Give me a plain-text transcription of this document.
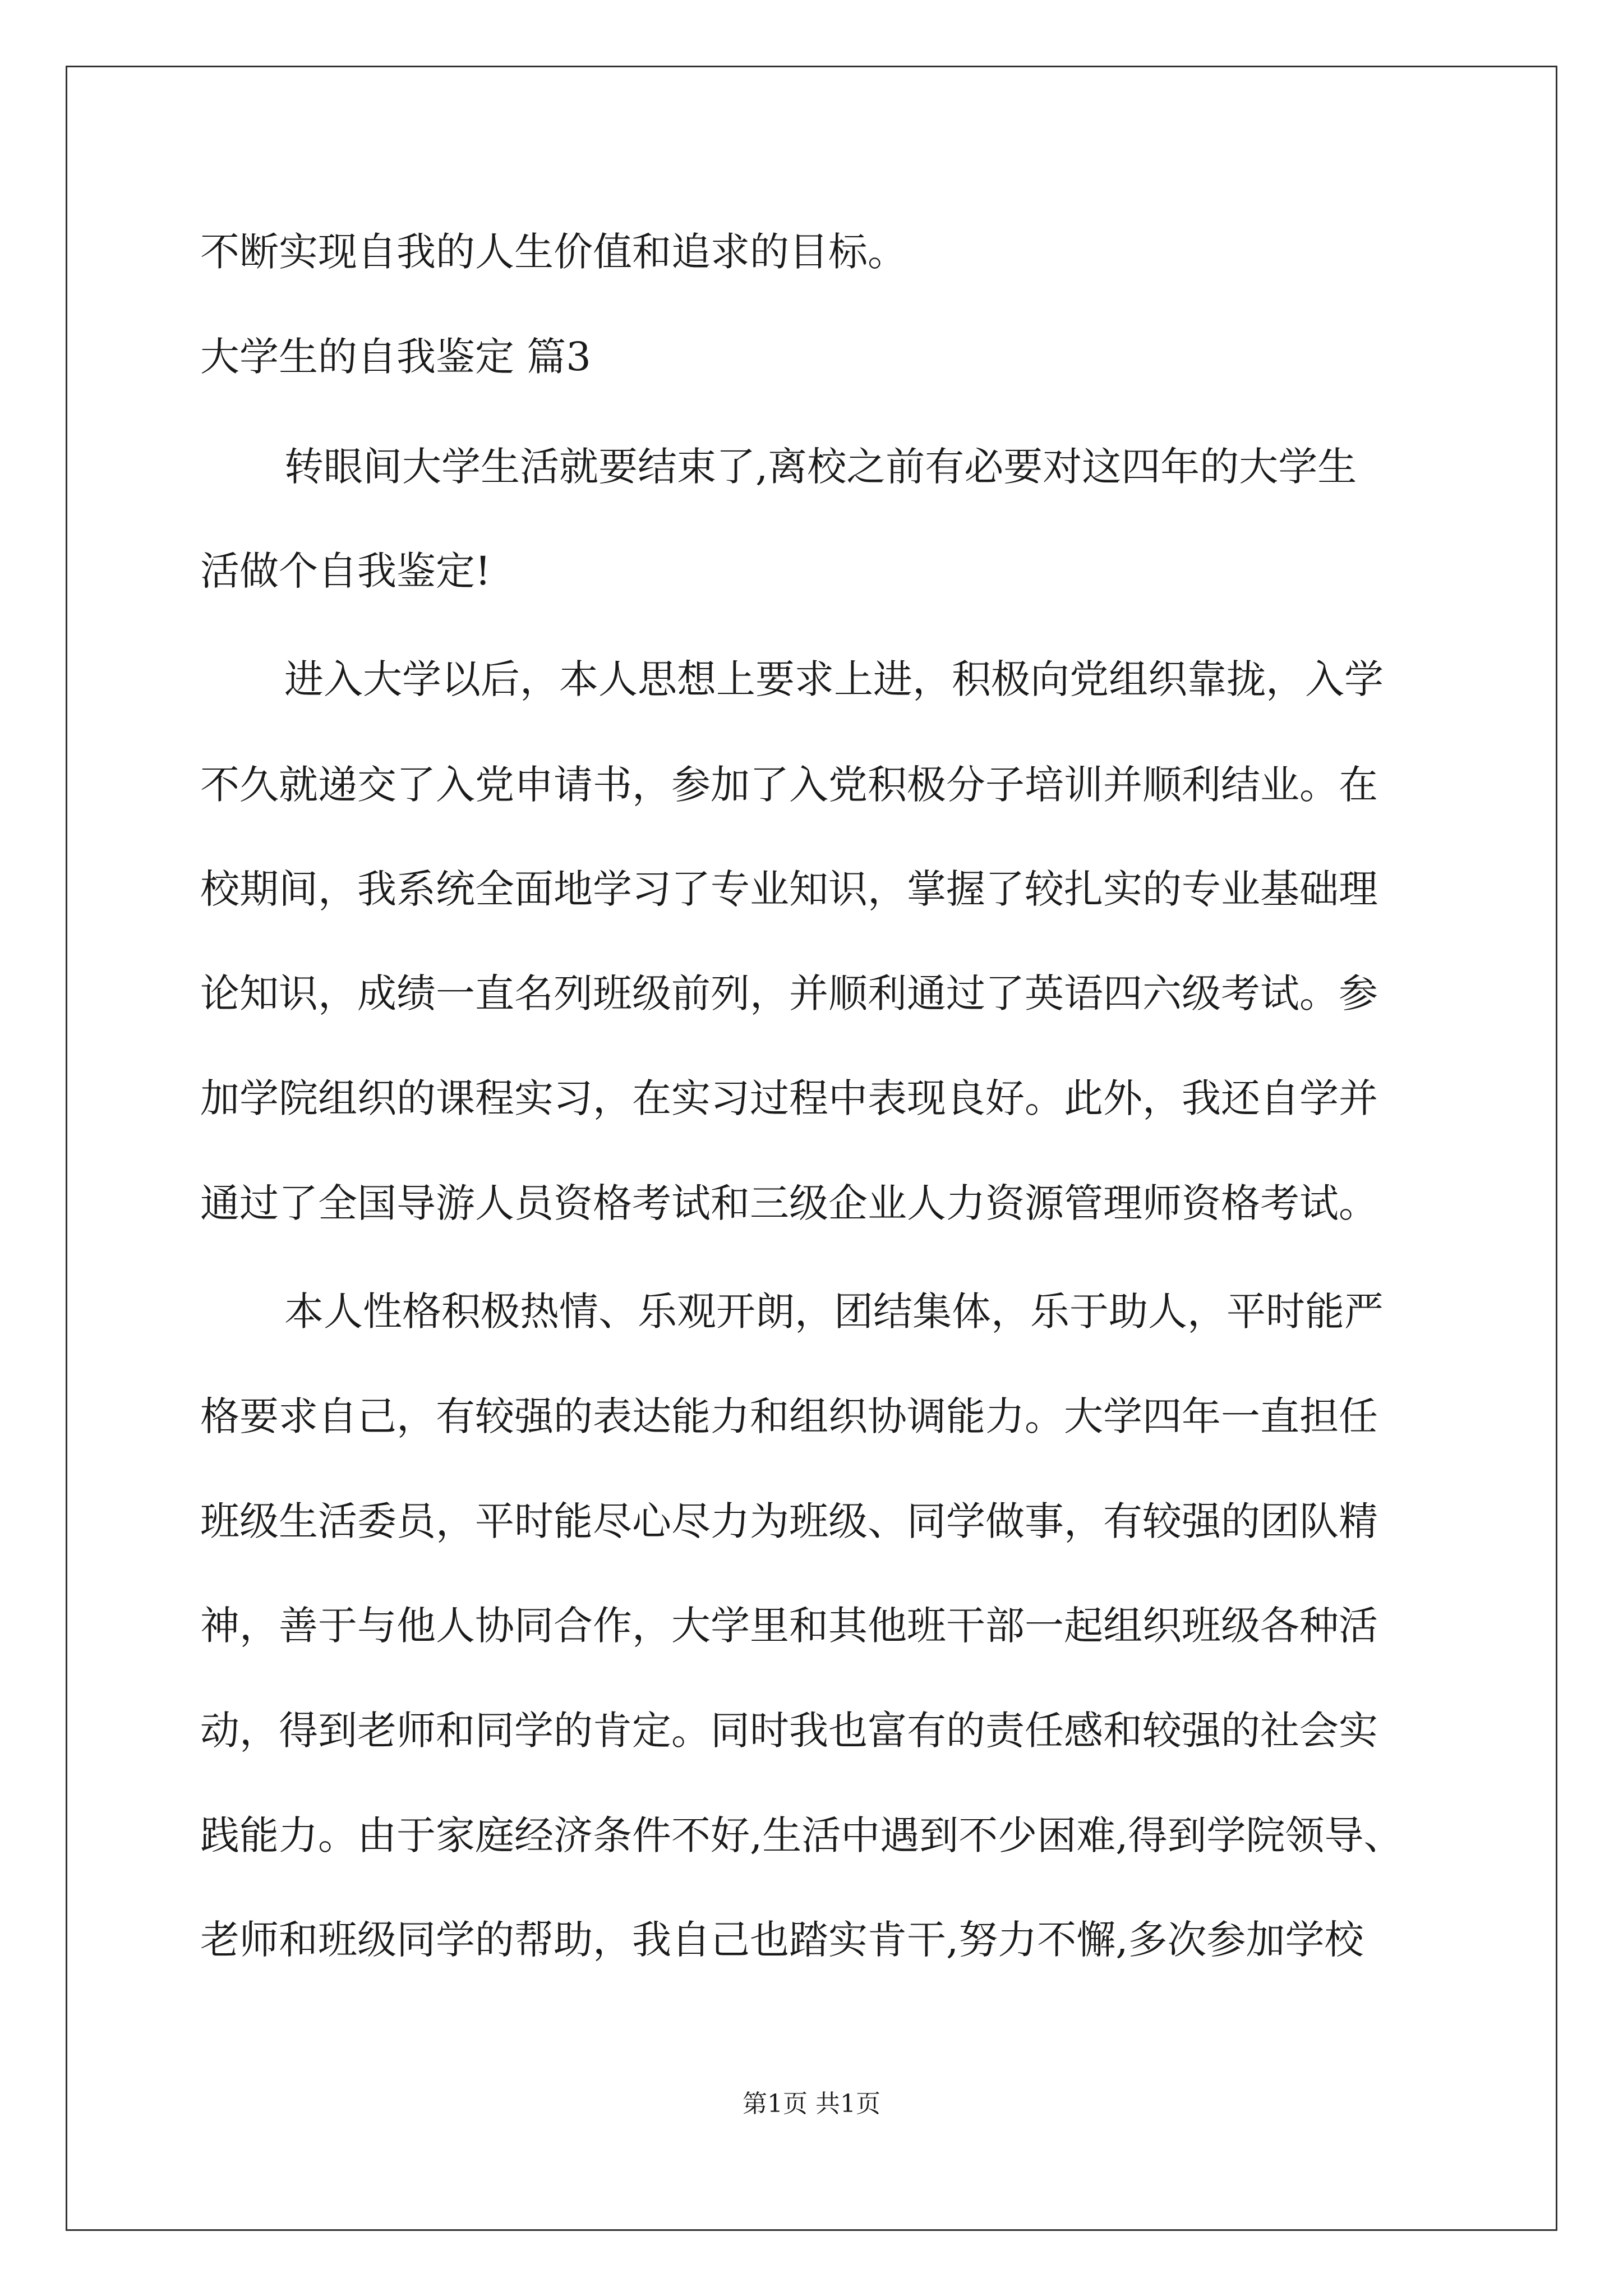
不断实现自我的人生价值和追求的目标。
大学生的自我鉴定 篇3
转眼间大学生活就要结束了,离校之前有必要对这四年的大学生
活做个自我鉴定!
进入大学以后，本人思想上要求上进，积极向党组织靠拢，入学
不久就递交了入党申请书，参加了入党积极分子培训并顺利结业。在
校期间，我系统全面地学习了专业知识，掌握了较扎实的专业基础理
论知识，成绩一直名列班级前列，并顺利通过了英语四六级考试。参
加学院组织的课程实习，在实习过程中表现良好。此外，我还自学并
通过了全国导游人员资格考试和三级企业人力资源管理师资格考试。
本人性格积极热情、乐观开朗，团结集体，乐于助人，平时能严
格要求自己，有较强的表达能力和组织协调能力。大学四年一直担任
班级生活委员，平时能尽心尽力为班级、同学做事，有较强的团队精
神，善于与他人协同合作，大学里和其他班干部一起组织班级各种活
动，得到老师和同学的肯定。同时我也富有的责任感和较强的社会实
践能力。由于家庭经济条件不好,生活中遇到不少困难,得到学院领导、
老师和班级同学的帮助，我自己也踏实肯干,努力不懈,多次参加学校
第1页 共1页
